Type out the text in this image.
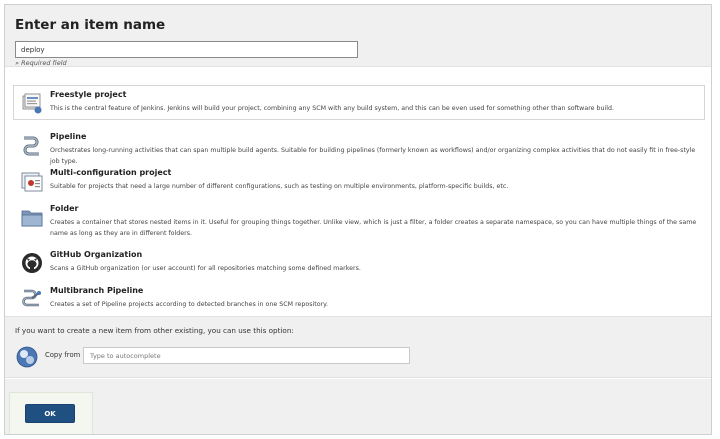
Enter an item name
deploy
» Required field
Freestyle project
This is the central feature of Jenkins. Jenkins will build your project, combining any SCM with any build system, and this can be even used for something other than software build.
Pipeline
Orchestrates long-running activities that can span multiple build agents. Suitable for building pipelines (formerly known as workflows) and/or organizing complex activities that do not easily fit in free-style job type.
Multi-configuration project
Suitable for projects that need a large number of different configurations, such as testing on multiple environments, platform-specific builds, etc.
Folder
Creates a container that stores nested items in it. Useful for grouping things together. Unlike view, which is just a filter, a folder creates a separate namespace, so you can have multiple things of the same name as long as they are in different folders.
GitHub Organization
Scans a GitHub organization (or user account) for all repositories matching some defined markers.
Multibranch Pipeline
Creates a set of Pipeline projects according to detected branches in one SCM repository.
If you want to create a new item from other existing, you can use this option:
Copy from
Type to autocomplete
OK
